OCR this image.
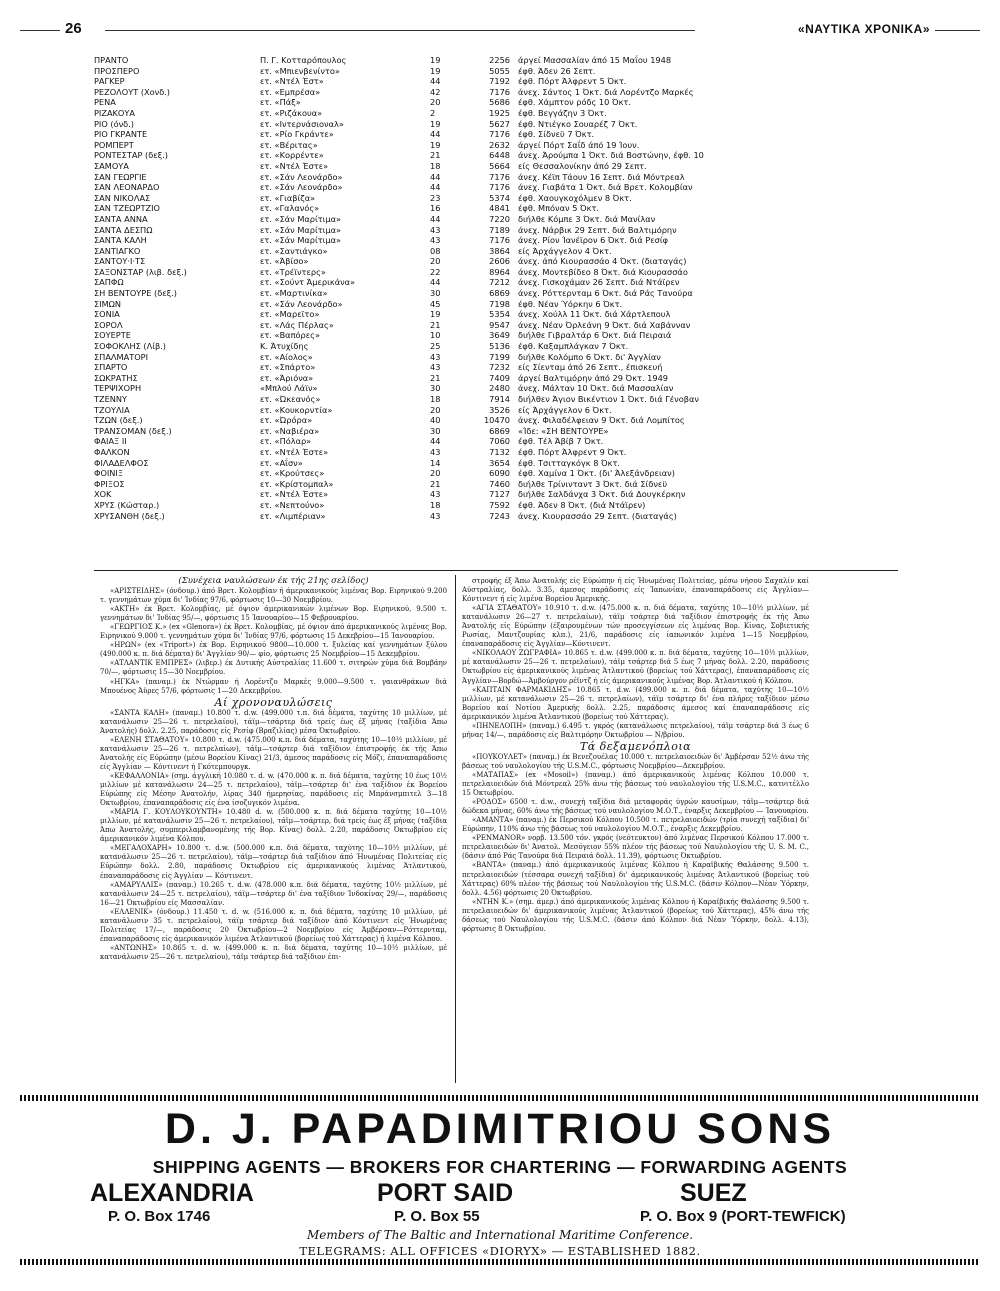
26	«ΝΑΥΤΙΚΑ ΧΡΟΝΙΚΑ»
ΠΡΑΝΤΟ	Π. Γ. Κοτταρόπουλος	19	2256 άργεί Μασσαλίαν άπό 15 Μαΐου 1948
ΠΡΟΣΠΕΡΟ	ετ. «Μπιενβενίντο»	19	5055 έφθ. Άδεν 26 Σεπτ.
ΡΑΓΚΕΡ	ετ. «Ντέλ Έστ»	44	7192 έφθ. Πόρτ Άλφρεντ 5 Όκτ.
ΡΕΖΟΛΟΥΤ (Χονδ.)	ετ. «Εμπρέσα»	42	7176 άνεχ. Σάντος 1 Όκτ. διά Λορέντζο Μαρκές
ΡΕΝΑ	ετ. «Πάξ»	20	5686 έφθ. Χάμπτον ρόδς 10 Όκτ.
ΡΙΖΑΚΟΥΑ	ετ. «Ριζάκουα»	2	1925 έφθ. Βεγγάζην 3 Όκτ.
ΡΙΟ (όνδ.)	ετ. «Ιντερνάσιοναλ»	19	5627 έφθ. Ντιέγκο Σουαρέζ 7 Όκτ.
ΡΙΟ ΓΚΡΑΝΤΕ	ετ. «Ρίο Γκράντε»	44	7176 έφθ. Σίδνεϋ 7 Όκτ.
ΡΟΜΠΕΡΤ	ετ. «Βέριτας»	19	2632 άργεί Πόρτ Σαΐδ άπό 19 Ίουν.
ΡΟΝΤΕΣΤΑΡ (δεξ.)	ετ. «Κορρέντε»	21	6448 άνεχ. Άρούμπα 1 Όκτ. διά Βοστώνην, έφθ. 10
ΣΑΜΟΥΑ	ετ. «Ντέλ Έστε»	18	5664 είς Θεσσαλονίκην άπό 29 Σεπτ.
ΣΑΝ ΓΕΩΡΓΙΕ	ετ. «Σάν Λεονάρδο»	44	7176 άνεχ. Κέϊπ Τάουν 16 Σεπτ. διά Μόντρεαλ
ΣΑΝ ΛΕΟΝΑΡΔΟ	ετ. «Σάν Λεονάρδο»	44	7176 άνεχ. Γιαβάτα 1 Όκτ. διά Βρετ. Κολομβίαν
ΣΑΝ ΝΙΚΟΛΑΣ	ετ. «Γιαβίζα»	23	5374 έφθ. Χαουγκοχόλμεν 8 Όκτ.
ΣΑΝ ΤΖΕΩΡΤΖΙΟ	ετ. «Γαλανός»	16	4841 έφθ. Μπόναν 5 Όκτ.
ΣΑΝΤΑ ΑΝΝΑ	ετ. «Σάν Μαρίτιμα»	44	7220 διήλθε Κόμπε 3 Όκτ. διά Μανίλαν
ΣΑΝΤΑ ΔΕΣΠΩ	ετ. «Σάν Μαρίτιμα»	43	7189 άνεχ. Νάρβικ 29 Σεπτ. διά Βαλτιμόρην
ΣΑΝΤΑ ΚΑΛΗ	ετ. «Σάν Μαρίτιμα»	43	7176 άνεχ. Ρίον Ίανέϊρον 6 Όκτ. διά Ρεσίφ
ΣΑΝΤΙΑΓΚΟ	ετ. «Σαντιάγκο»	08	3864 είς Άρχάγγελον 4 Όκτ.
ΣΑΝΤΟΥ·Ι·ΤΣ	ετ. «Άβίσο»	20	2606 άνεχ. άπό Κιουρασσάο 4 Όκτ. (διαταγάς)
ΣΑΞΟΝΣΤΑΡ (λιβ. δεξ.)	ετ. «Τρέϊντερς»	22	8964 άνεχ. Μοντεβίδεο 8 Όκτ. διά Κιουρασσάο
ΣΑΠΦΩ	ετ. «Σούντ Άμερικάνα»	44	7212 άνεχ. Γισκοχάμαν 26 Σεπτ. διά Ντάϊρεν
ΣΗ ΒΕΝΤΟΥΡΕ (δεξ.)	ετ. «Μαρτινίκα»	30	6869 άνεχ. Ρόττερνταμ 6 Όκτ. διά Ράς Τανούρα
ΣΙΜΩΝ	ετ. «Σάν Λεονάρδο»	45	7198 έφθ. Νέαν Ύόρκην 6 Όκτ.
ΣΟΝΙΑ	ετ. «Μαρεϊτο»	19	5354 άνεχ. Χούλλ 11 Όκτ. διά Χάρτλεπουλ
ΣΟΡΟΛ	ετ. «Λάς Πέρλας»	21	9547 άνεχ. Νέαν Όρλεάνη 9 Όκτ. διά Χαβάνναν
ΣΟΥΕΡΤΕ	ετ. «Βαπόρες»	10	3649 διήλθε Γιβραλτάρ 6 Όκτ. διά Πειραιά
ΣΟΦΟΚΛΗΣ (Λίβ.)	Κ. Άτυχίδης	25	5136 έφθ. Καξαμπλάγκαν 7 Όκτ.
ΣΠΑΛΜΑΤΟΡΙ	ετ. «Αίολος»	43	7199 διήλθε Κολόμπο 6 Όκτ. δι' Άγγλίαν
ΣΠΑΡΤΟ	ετ. «Σπάρτο»	43	7232 είς Σίενταμ άπό 26 Σεπτ., έπισκευή
ΣΩΚΡΑΤΗΣ	ετ. «Άριόνα»	21	7409 άργεί Βαλτιμόρην άπό 29 Όκτ. 1949
ΤΕΡΨΙΧΟΡΗ	«Μπλού Λάϊν»	30	2480 άνεχ. Μάλταν 10 Όκτ. διά Μασσαλίαν
ΤΖΕΝΝΥ	ετ. «Ώκεανός»	18	7914 διήλθεν Άγιον Βικέντιον 1 Όκτ. διά Γένοβαν
ΤΖΟΥΛΙΑ	ετ. «Κουκορντία»	20	3526 είς Άρχάγγελον 6 Όκτ.
ΤΖΩΝ (δεξ.)	ετ. «Ώρόρα»	40	10470 άνεχ. Φιλαδέλφειαν 9 Όκτ. διά Λομπίτος
ΤΡΑΝΣΟΜΑΝ (δεξ.)	ετ. «Ναβιέρα»	30	6869 «Ίδε: «ΣΗ ΒΕΝΤΟΥΡΕ»
ΦΑΙΑΞ ΙΙ	ετ. «Πόλαρ»	44	7060 έφθ. Τέλ Άβίβ 7 Όκτ.
ΦΑΛΚΟΝ	ετ. «Ντέλ Έστε»	43	7132 έφθ. Πόρτ Άλφρεντ 9 Όκτ.
ΦΙΛΑΔΕΛΦΟΣ	ετ. «Αΐσν»	14	3654 έφθ. Τσιτταγκόγκ 8 Όκτ.
ΦΟΙΝΙΞ	ετ. «Κρούτσες»	20	6090 έφθ. Χαμίνα 1 Όκτ. (δι' Άλεξάνδρειαν)
ΦΡΙΞΟΣ	ετ. «Κρίστομπαλ»	21	7460 διήλθε Τρίνινταντ 3 Όκτ. διά Σίδνεϋ
ΧΟΚ	ετ. «Ντέλ Έστε»	43	7127 διήλθε Σαλδάνχα 3 Όκτ. διά Δουγκέρκην
ΧΡΥΣ (Κώσταρ.)	ετ. «Νεπτούνο»	18	7592 έφθ. Άδεν 8 Όκτ. (διά Ντάϊρεν)
ΧΡΥΣΑΝΘΗ (δεξ.)	ετ. «Λιμπέριαν»	43	7243 άνεχ. Κιουρασσάο 29 Σεπτ. (διαταγάς)
(Συνέχεια ναυλώσεων έκ τής 21ης σελίδος)

«ΑΡΙΣΤΕΙΔΗΣ» (όνδουρ.) άπό Βρετ. Κολομβίαν ή άμερικανικούς λιμένας Βορ. Ειρηνικού 9.200 τ. γεννημάτων χύμα δι' Ίνδίας 97/6, φόρτωσις 10—30 Νοεμβρίου.

«ΑΚΤΗ» έκ Βρετ. Κολομβίας, μέ όψιον άμερικανικών λιμένων Βορ. Ειρηνικού, 9.500 τ. γεννημάτων δι' Ίνδίας 95/—, φόρτωσις 15 Ίανουαρίου—15 Φεβρουαρίου.

«ΓΕΩΡΓΙΟΣ Κ.» (ex «Glenora») έκ Βρετ. Κολομβίας, μέ όψιον άπό άμερικανικούς λιμένας Βορ. Ειρηνικού 9.000 τ. γεννημάτων χύμα δι' Ίνδίας 97/6, φόρτωσις 15 Δεκεβρίου—15 Ίανουαρίου.

«ΗΡΩΝ» (ex «Triport») έκ Βορ. Ειρηνικού 9800—10.000 τ. ξυλείας καί γεννημάτων ξύλου (490.000 κ. π. διά δέματα) δι' Άγγλίαν 90/— φίο, φόρτωσις 25 Νοεμβρίου—15 Δεκεμβρίου.

«ΑΤΛΑΝΤΙΚ ΕΜΠΡΕΣ» (λιβερ.) έκ Δυτικής Αύστραλίας 11.600 τ. σιτηρών χύμα διά Βομβάην 70/—, φόρτωσις 15—30 Νοεμβρίου.

«ΗΓΚΑ» (παναμ.) έκ Ντώρμαν ή Λορέντζο Μαρκές 9.000—9.500 τ. γαιανθράκων διά Μπουένος Άϋρες 57/6, φόρτωσις 1—20 Δεκεμβρίου.

Αί χρονοναυλώσεις

«ΣΑΝΤΑ ΚΑΛΗ» (παναμ.) 10.800 τ. d.w. (499.000 τ.π. διά δέματα, ταχύτης 10 μιλλίων, μέ κατανάλωσιν 25—26 τ. πετρελαίου), τάϊμ—τσάρτερ διά τρείς έως έξ μήνας (ταξίδια Άπω Άνατολής) δολλ. 2.25, παράδοσις είς Ρεσίφ (Βραζιλίας) μέσα Όκτωβρίου.

«ΕΛΕΝΗ ΣΤΑΘΑΤΟΥ» 10.800 τ. d.w. (475.000 κ.π. διά δέματα, ταχύτης 10—10½ μιλλίων, μέ κατανάλωσιν 25—26 τ. πετρελαίων), τάϊμ—τσάρτερ διά ταξίδιον έπιστροφής έκ τής Άπω Άνατολής είς Εύρώπην (μέσω Βορείου Κίνας) 21/3, άμεσος παράδοσις είς Μόζι, έπαναπαράδοσις είς Άγγλίαν — Κόντινεντ ή Γκότεμπουργκ.

«ΚΕΦΑΛΛΟΝΙΑ» (σημ. άγγλική 10.080 τ. d. w. (470.000 κ. π. διά δέματα, ταχύτης 10 έως 10½ μιλλίων μέ κατανάλωσιν 24—25 τ. πετρελαίου), τάϊμ—τσάρτερ δι' ένα ταξίδιον έκ Βορείου Εύρώπης είς Μέσην Άνατολήν, λίρας 340 ήμερησίας, παράδοσις είς Μπράνσμπιτελ 3—18 Όκτωβρίου, έπαναπαράδοσις είς ένα ίσοζυγικόν λιμένα.

«ΜΑΡΙΑ Γ. ΚΟΥΛΟΥΚΟΥΝΤΗ» 10.480 d. w. (500.000 κ. π. διά δέματα ταχύτης 10—10½ μιλλίων, μέ κατανάλωσιν 25—26 τ. πετρελαίου), τάϊμ—τσάρτερ, διά τρείς έως έξ μήνας (ταξίδια Άπω Άνατολής, συμπεριλαμβανομένης τής Βορ. Κίνας) δολλ. 2.20, παράδοσις Όκτωβρίου είς άμερικανικόν λιμένα Κόλπου.

«ΜΕΓΑΛΟΧΑΡΗ» 10.800 τ. d.w. (500.000 κ.π. διά δέματα, ταχύτης 10—10½ μιλλίων, μέ κατανάλωσιν 25—26 τ. πετρελαίου), τάϊμ—τσάρτερ διά ταξίδιον άπό Ήνωμένας Πολιτείας είς Εύρώπην δολλ. 2.80, παράδοσις Όκτωβρίου είς άμερικανικούς λιμένας Άτλαντικού, έπαναπαράδοσις είς Άγγλίαν — Κόντινεντ.

«ΑΜΑΡΥΛΛΙΣ» (παναμ.) 10.265 τ. d.w. (478.000 κ.π. διά δέματα, ταχύτης 10½ μιλλίων, μέ κατανάλωσιν 24—25 τ. πετρελαίου), τάϊμ—τσάρτερ δι' ένα ταξίδιον Ίνδοκίνας 29/—, παράδοσις 16—21 Όκτωβρίου είς Μασσαλίαν.

«ΕΛΛΕΝΙΚ» (όνδουρ.) 11.450 τ. d. w. (516.000 κ. π. διά δέματα, ταχύτης 10 μιλλίων, μέ κατανάλωσιν 35 τ. πετρελαίου), τάϊμ τσάρτερ διά ταξίδιον άπό Κόντινεντ είς Ήνωμένας Πολιτείας 17/—, παράδοσις 20 Όκτωβρίου—2 Νοεμβρίου είς Άμβέρσαν—Ρόττερνταμ, έπαναπαράδοσις είς άμερικανικόν λιμένα Άτλαντικού (βορείως τού Χάττερας) ή λιμένα Κόλπου.

«ΑΝΤΩΝΗΣ» 10.865 τ. d. w. (499.000 κ. π. διά δέματα, ταχύτης 10—10½ μιλλίων, μέ κατανάλωσιν 25—26 τ. πετρελαίου), τάϊμ τσάρτερ διά ταξίδιον έπι-

στροφής έξ Άπω Άνατολής είς Εύρώπην ή είς Ήνωμένας Πολιτείας, μέσω νήσου Σαχαλίν καί Αύστραλίας, δολλ. 3.35, άμεσος παράδοσις είς Ίαπωνίαν, έπαναπαράδοσις είς Άγγλίαν—Κόντινεντ ή είς λιμένα Βορείου Άμερικής.

«ΑΓΙΑ ΣΤΑΘΑΤΟΥ» 10.910 τ. d.w. (475.000 κ. π. διά δέματα, ταχύτης 10—10½ μιλλίων, μέ κατανάλωσιν 26—27 τ. πετρελαίων), τάϊμ τσάρτερ διά ταξίδιον έπιστροφής έκ τής Άπω Άνατολής είς Εύρώπην (έξαιρουμένων τών προσεγγίσεων είς λιμένας Βορ. Κίνας, Σοβιετικής Ρωσίας, Μαντζουρίας κλπ.), 21/6, παράδοσις είς ίαπωνικόν λιμένα 1—15 Νοεμβρίου, έπαναπαράδοσις είς Άγγλίαν—Κόντινεντ.

«ΝΙΚΟΛΑΟΥ ΖΩΓΡΑΦΙΑ» 10.865 τ. d.w. (499.000 κ. π. διά δέματα, ταχύτης 10—10½ μιλλίων, μέ κατανάλωσιν 25—26 τ. πετρελαίων), τάϊμ τσάρτερ διά 5 έως 7 μήνας δολλ. 2.20, παράδοσις Όκτωβρίου είς άμερικανικούς λιμένας Άτλαντικού (βορείως τού Χάττερας), έπαναπαράδοσις είς Άγγλίαν—Βορδώ—Άμβούργον ρέϊντζ ή είς άμερικανικούς λιμένας Βορ. Άτλαντικού ή Κόλπου.

«ΚΑΠΤΑΙΝ ΦΑΡΜΑΚΙΔΗΣ» 10.865 τ. d.w. (499.000 κ. π. διά δέματα, ταχύτης 10—10½ μιλλίων, μέ κατανάλωσιν 25—26 τ. πετρελαίων), τάϊμ τσάρτερ δι' ένα πλήρες ταξίδιον μέσω Βορείου καί Νοτίου Άμερικής δολλ. 2.25, παράδοσις άμεσος καί έπαναπαράδοσις είς άμερικανικόν λιμένα Άτλαντικού (βορείως τού Χάττερας).

«ΠΗΝΕΛΟΠΗ» (παναμ.) 6.495 τ. γκρός (κατανάλωσις πετρελαίου), τάϊμ τσάρτερ διά 3 έως 6 μήνας 14/—, παράδοσις είς Βαλτιμόρην Όκτωβρίου — Ν/βρίου.

Τά δεξαμενόπλοια

«ΠΟΥΚΟΥΛΕΤ» (παναμ.) έκ Βενεζουέλας 10.000 τ. πετρελαιοειδών δι' Άμβέρσαν 52½ άνω τής βάσεως τού ναυλολογίου τής U.S.M.C., φόρτωσις Νοεμβρίου—Δεκεμβρίου.

«ΜΑΤΑΠΑΣ» (ex «Mosoil») (παναμ.) άπό άμερικανικούς λιμένας Κόλπου 10.000 τ. πετρελαιοειδών διά Μόντρεαλ 25% άνω τής βάσεως τού ναυλολογίου τής U.S.M.C., κατνιτέλλο 15 Όκτωβρίου.

«ΡΟΔΟΣ» 6500 τ. d.w., συνεχή ταξίδια διά μεταφοράς ύγρών καυσίμων, τάϊμ—τσάρτερ διά δώδεκα μήνας, 60% άνω τής βάσεως τού ναυλολογίου Μ.Ο.Τ., έναρξις Δεκεμβρίου — Ίανουαρίου.

«ΑΜΑΝΤΑ» (παναμ.) έκ Περσικού Κόλπου 10.500 τ. πετρελαιοειδών (τρία συνεχή ταξίδια) δι' Εύρώπην, 110% άνω τής βάσεως τού ναυλολογίου Μ.Ο.Τ., έναρξις Δεκεμβρίου.

«PENMANOR» νορβ. 13.500 τόν. γκρός (νεότευκτον) άπό λιμένας Περσικού Κόλπου 17.000 τ. πετρελαιοειδών δι' Άνατολ. Μεσόγειον 55% πλέον τής βάσεως τού Ναυλολογίου τής U. S. M. C., (δάσιν άπό Ράς Τανούρα διά Πειραιά δολλ. 11.39), φόρτωσις Όκτωβρίου.

«ΒΑΝΤΑ» (παναμ.) άπό άμερικανικούς λιμένας Κόλπου ή Καραϊβικής Θαλάσσης 9.500 τ. πετρελαιοειδών (τέσσαρα συνεχή ταξίδια) δι' άμερικανικούς λιμένας Άτλαντικού (βορείως τού Χάττερας) 60% πλέον τής βάσεως τού Ναυλολογίου τής U.S.M.C. (δάσιν Κόλπον—Νέαν Ύόρκην, δολλ. 4.56) φόρτωσις 20 Όκτωβρίου.

«ΝΤΗΝ Κ.» (σημ. άμερ.) άπό άμερικανικούς λιμένας Κόλπου ή Καραϊβικής Θαλάσσης 9.500 τ. πετρελαιοειδών δι' άμερικανικούς λιμένας Άτλαντικού (βορείως τού Χάττερας), 45% άνω τής δάσεως τού Ναυλολογίου τής U.S.M.C. (δάσιν άπό Κόλπον διά Νέαν Ύόρκην, δολλ. 4.13), φόρτωσις 8 Όκτωβρίου.

D. J. PAPADIMITRIOU SONS
SHIPPING AGENTS — BROKERS FOR CHARTERING — FORWARDING AGENTS
ALEXANDRIA	PORT SAID	SUEZ
P. O. Box 1746	P. O. Box 55	P. O. Box 9 (PORT-TEWFICK)
Members of The Baltic and International Maritime Conference.
TELEGRAMS: ALL OFFICES «DIORYX» — ESTABLISHED 1882.
